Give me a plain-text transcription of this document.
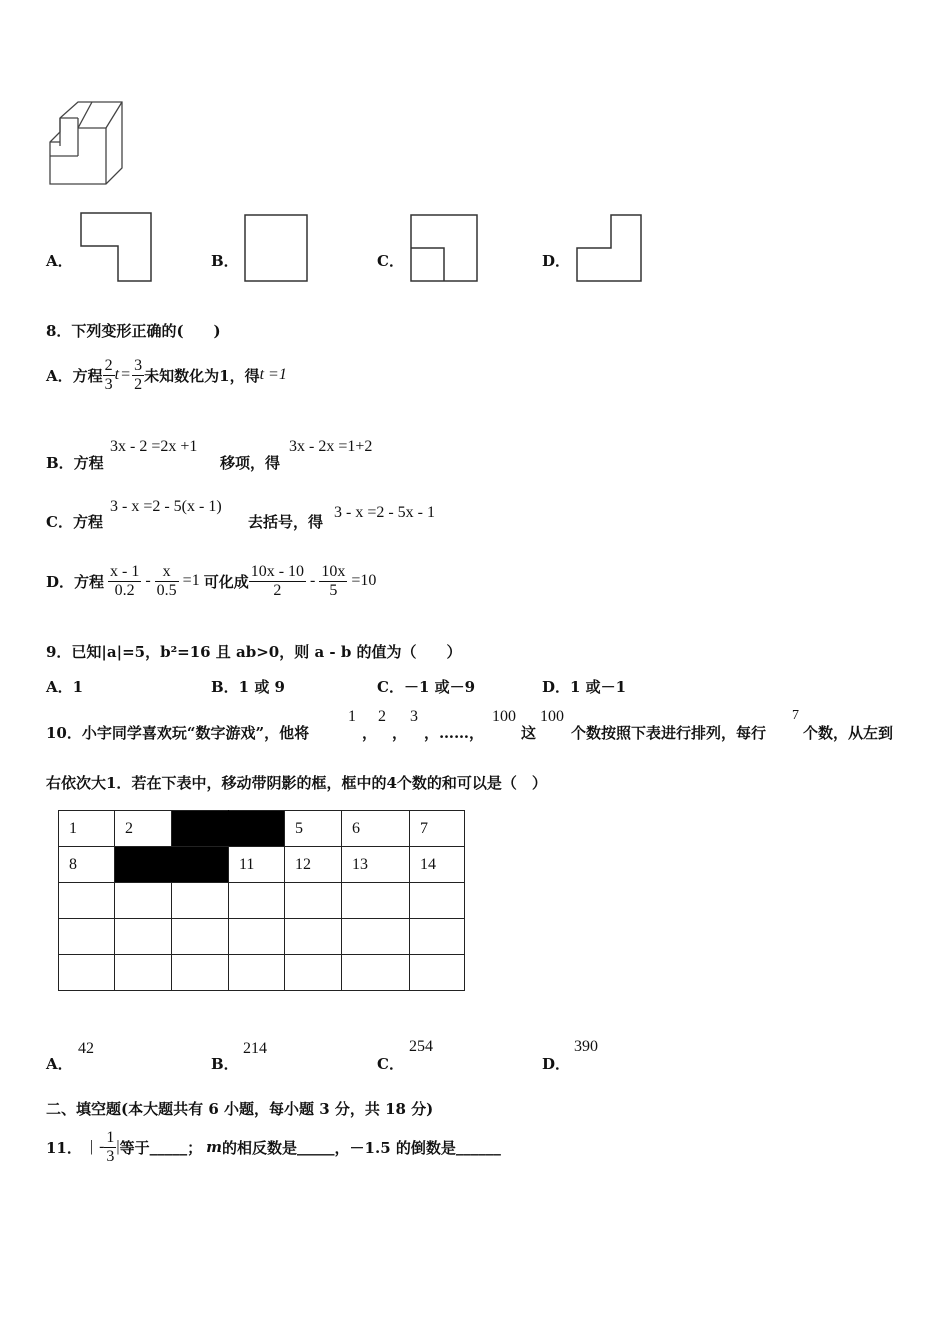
A．	B．	C．	D．
8．下列变形正确的(　　)
A．方程 $\frac{2}{3}$ $t = \frac{3}{2}$ 未知数化为1，得 t =1
B．方程
3x - 2 =2x +1
移项，得
3x - 2x =1+2
C．方程
3 - x =2 - 5(x - 1)
去括号，得
3 - x =2 - 5x - 1
D．方程 $\frac{x - 1}{0.2} - \frac{x}{0.5} =1$ 可化成 $\frac{10x - 10}{2} - \frac{10x}{5} =10$
9．已知|a|=5，b²=16 且 ab>0，则 a - b 的值为（　　）
A．1	B．1 或 9	C．－1 或－9	D．1 或－1
10．小宇同学喜欢玩“数字游戏”，他将
1
，
2
，
3
，……，
100
这
100
个数按照下表进行排列，每行
7
个数，从左到
右依次大1．若在下表中，移动带阴影的框，框中的4个数的和可以是（　）
1	2			5	6	7
8			11	12	13	14

A．
42
B．
214
C．
254
D．
390
二、填空题(本大题共有 6 小题，每小题 3 分，共 18 分)
11． | - $\frac{1}{3}$ | 等于 _____ ； m 的相反数是 _____ ，－1.5 的倒数是 ______
